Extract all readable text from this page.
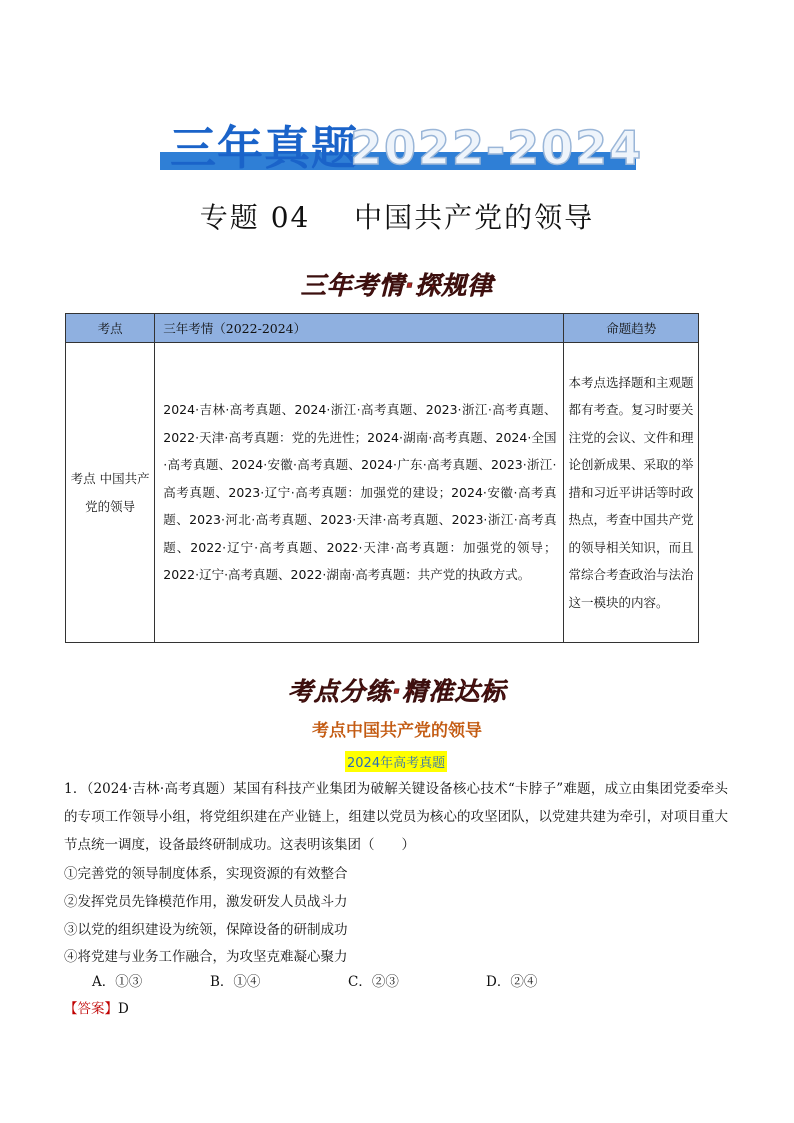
三年真题
2022-2024
专题 04 中国共产党的领导
三年考情·探规律
考点	三年考情（2022-2024）	命题趋势

考点 中国共产党的领导	2024·吉林·高考真题、2024·浙江·高考真题、2023·浙江·高考真题、2022·天津·高考真题：党的先进性；2024·湖南·高考真题、2024·全国·高考真题、2024·安徽·高考真题、2024·广东·高考真题、2023·浙江·高考真题、2023·辽宁·高考真题：加强党的建设；2024·安徽·高考真题、2023·河北·高考真题、2023·天津·高考真题、2023·浙江·高考真题、2022·辽宁·高考真题、2022·天津·高考真题：加强党的领导；2022·辽宁·高考真题、2022·湖南·高考真题：共产党的执政方式。	本考点选择题和主观题都有考查。复习时要关注党的会议、文件和理论创新成果、采取的举措和习近平讲话等时政热点，考查中国共产党的领导相关知识，而且常综合考查政治与法治这一模块的内容。
考点分练·精准达标
考点中国共产党的领导
2024年高考真题
1．（2024·吉林·高考真题）某国有科技产业集团为破解关键设备核心技术“卡脖子”难题，成立由集团党委牵头的专项工作领导小组，将党组织建在产业链上，组建以党员为核心的攻坚团队，以党建共建为牵引，对项目重大节点统一调度，设备最终研制成功。这表明该集团（　　）
①完善党的领导制度体系，实现资源的有效整合
②发挥党员先锋模范作用，激发研发人员战斗力
③以党的组织建设为统领，保障设备的研制成功
④将党建与业务工作融合，为攻坚克难凝心聚力
A．①③	B．①④	C．②③	D．②④
【答案】D
